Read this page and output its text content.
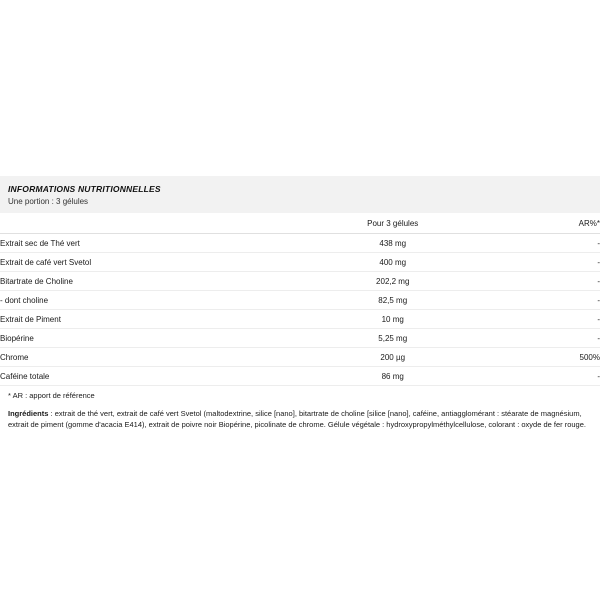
INFORMATIONS NUTRITIONNELLES
Une portion : 3 gélules
	Pour 3 gélules	AR%*
Extrait sec de Thé vert	438 mg	-
Extrait de café vert Svetol	400 mg	-
Bitartrate de Choline	202,2 mg	-
- dont choline	82,5 mg	-
Extrait de Piment	10 mg	-
Biopérine	5,25 mg	-
Chrome	200 µg	500%
Caféine totale	86 mg	-
* AR : apport de référence
Ingrédients : extrait de thé vert, extrait de café vert Svetol (maltodextrine, silice [nano], bitartrate de choline [silice [nano], caféine, antiagglomérant : stéarate de magnésium, extrait de piment (gomme d'acacia E414), extrait de poivre noir Biopérine, picolinate de chrome. Gélule végétale : hydroxypropylméthylcellulose, colorant : oxyde de fer rouge.
